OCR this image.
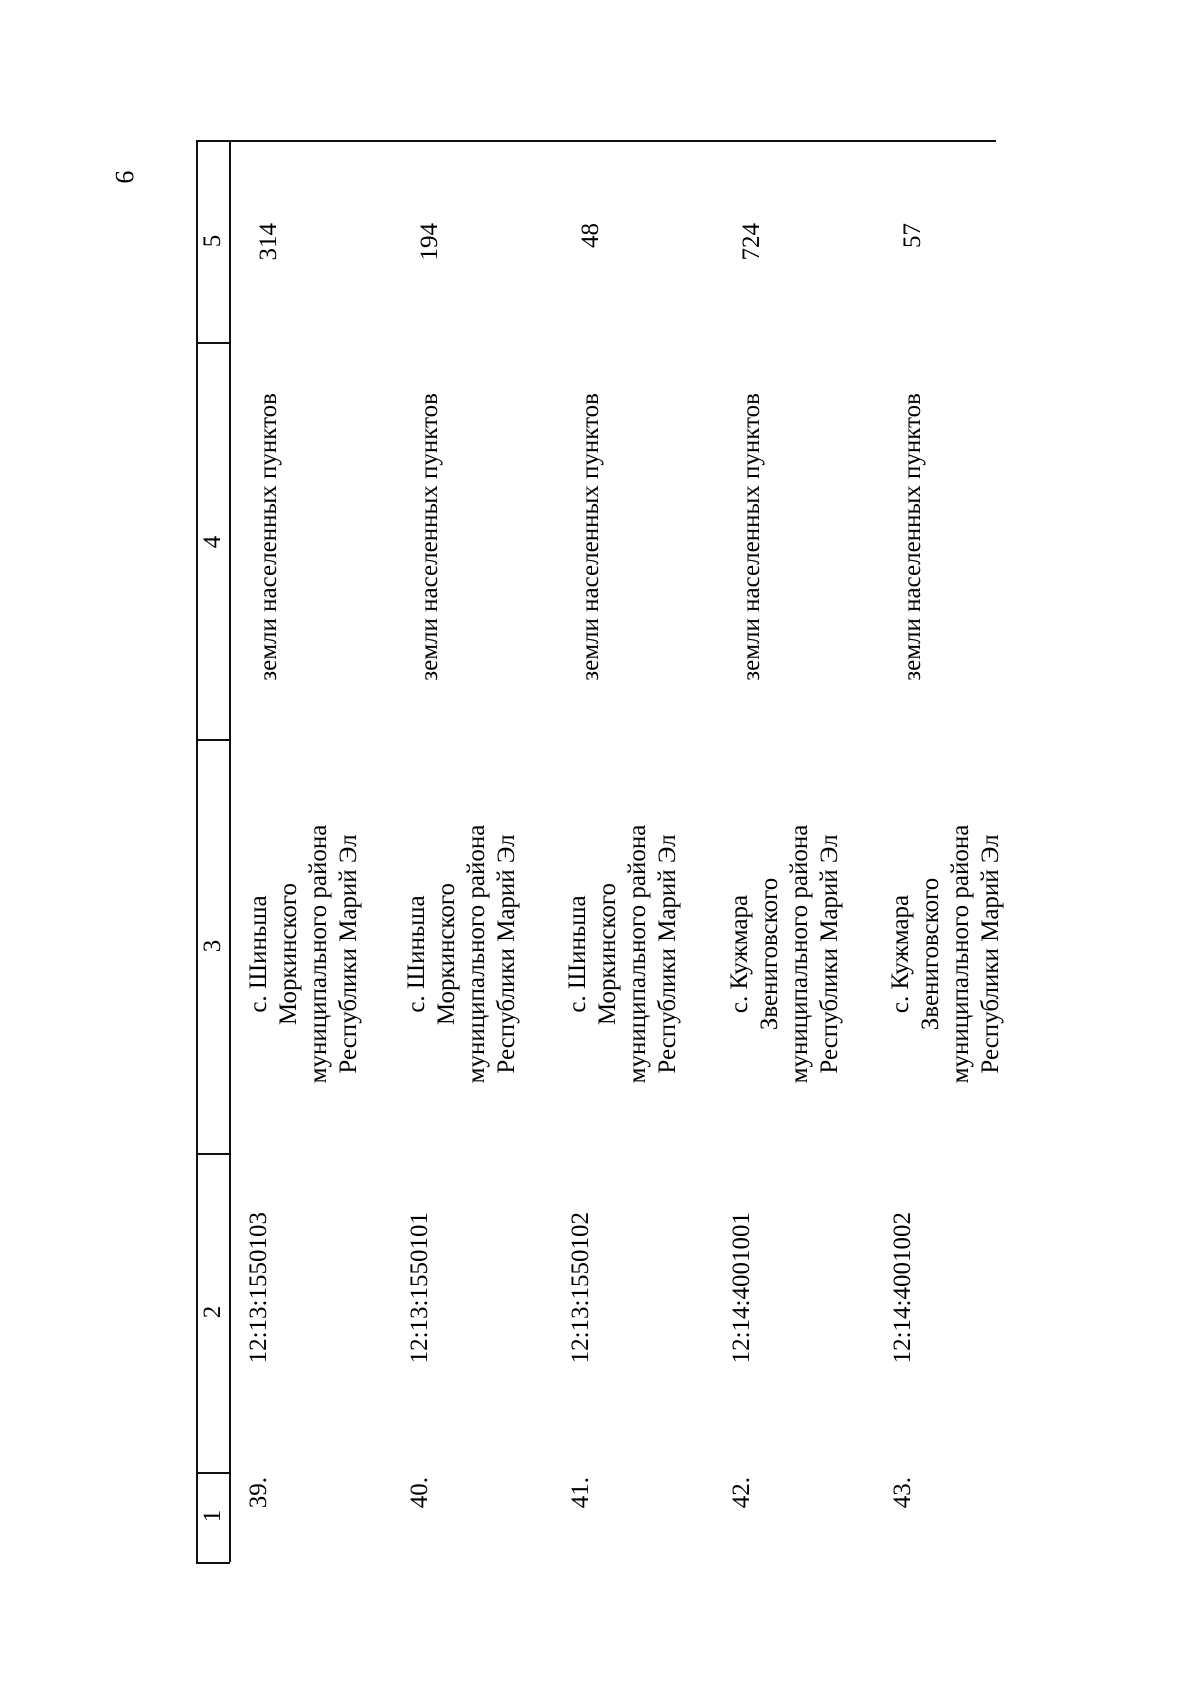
9
1
2
3
4
5
39.
12:13:1550103
с. Шиньша Моркинского муниципального района Республики Марий Эл
земли населенных пунктов
314
40.
12:13:1550101
с. Шиньша Моркинского муниципального района Республики Марий Эл
земли населенных пунктов
194
41.
12:13:1550102
с. Шиньша Моркинского муниципального района Республики Марий Эл
земли населенных пунктов
48
42.
12:14:4001001
с. Кужмара Звениговского муниципального района Республики Марий Эл
земли населенных пунктов
724
43.
12:14:4001002
с. Кужмара Звениговского муниципального района Республики Марий Эл
земли населенных пунктов
57
